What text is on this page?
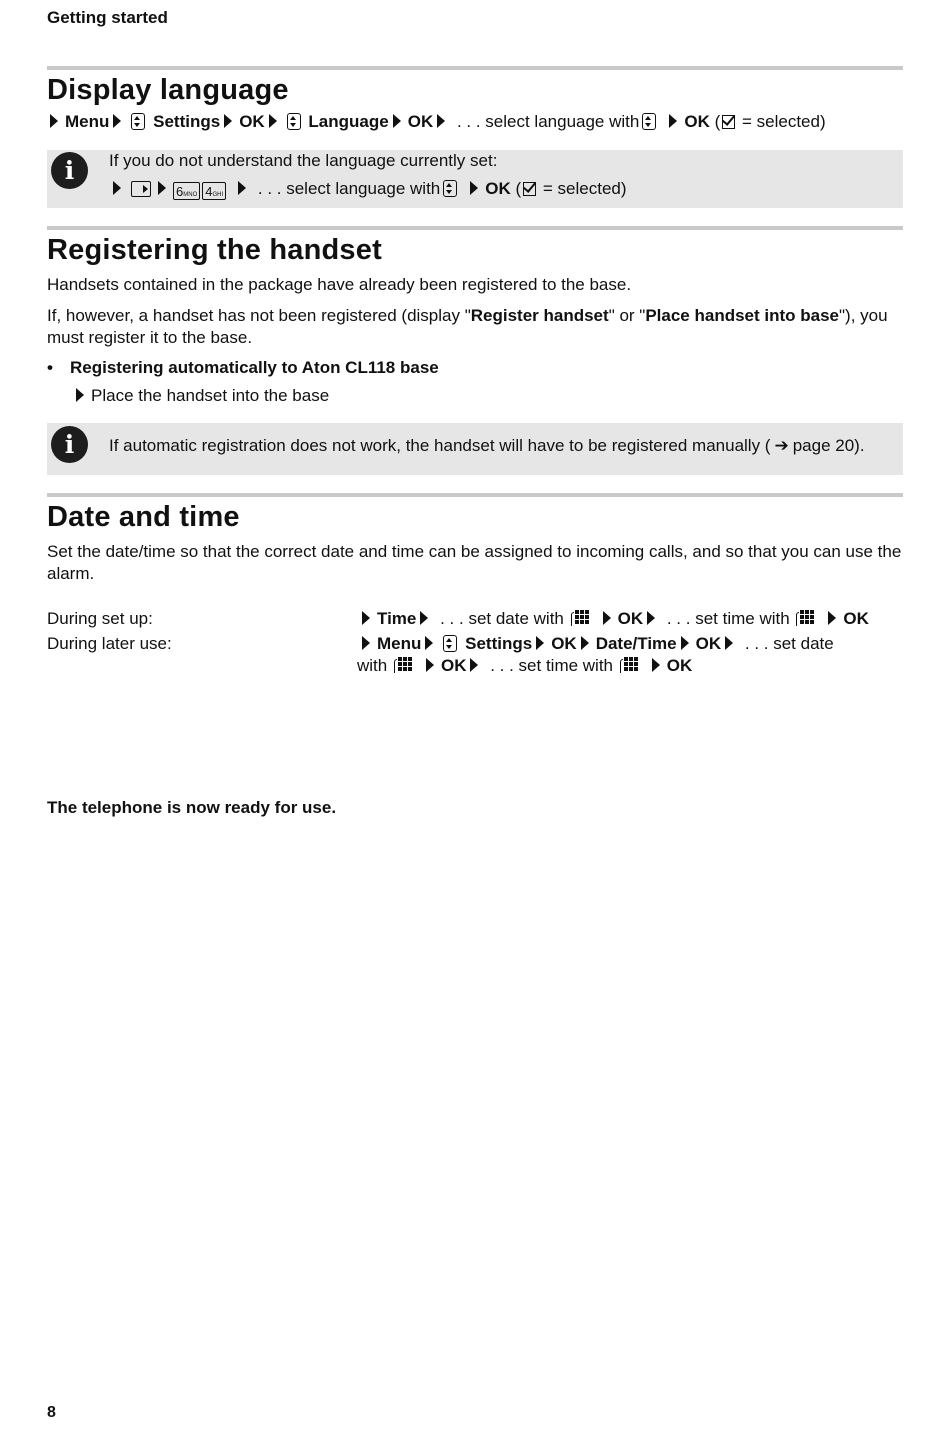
Getting started
Display language
Menu	Settings OK	Language OK . . . select language with	OK ( = selected)
i	If you do not understand the language currently set:
6MNO 4GHI . . . select language with	OK ( = selected)
Registering the handset
Handsets contained in the package have already been registered to the base.
If, however, a handset has not been registered (display "Register handset" or "Place handset into base"), you must register it to the base.
• Registering automatically to Aton CL118 base
Place the handset into the base
i	If automatic registration does not work, the handset will have to be registered manually ( ➔ page 20).
Date and time
Set the date/time so that the correct date and time can be assigned to incoming calls, and so that you can use the alarm.
During set up:	Time . . . set date with	OK . . . set time with	OK
During later use:	Menu	Settings OK Date/Time OK . . . set date
with	OK . . . set time with	OK
The telephone is now ready for use.
8
